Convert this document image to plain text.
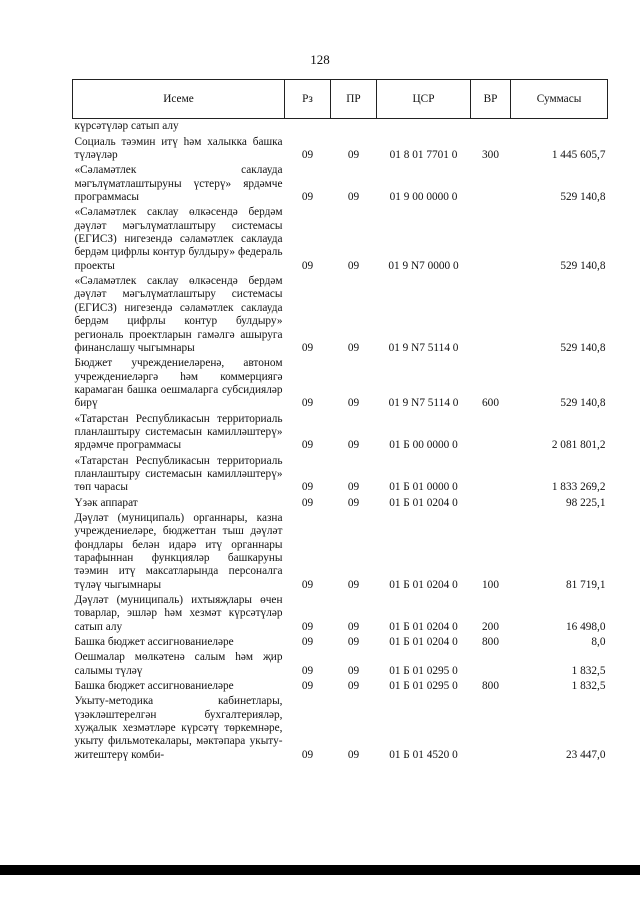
128
Исеме	Рз	ПР	ЦСР	ВР	Суммасы
күрсәтүләр сатып алу					
Социаль тәэмин итү һәм халыкка башка түләүләр	09	09	01 8 01 7701 0	300	1 445 605,7
«Сәламәтлек саклауда мәгълүматлаштыруны үстерү» ярдәмче программасы	09	09	01 9 00 0000 0		529 140,8
«Сәламәтлек саклау өлкәсендә бердәм дәүләт мәгълүматлаштыру системасы (ЕГИСЗ) нигезендә сәламәтлек саклауда бердәм цифрлы контур булдыру» федераль проекты	09	09	01 9 N7 0000 0		529 140,8
«Сәламәтлек саклау өлкәсендә бердәм дәүләт мәгълүматлаштыру системасы (ЕГИСЗ) нигезендә сәламәтлек саклауда бердәм цифрлы контур булдыру» региональ проектларын гамәлгә ашыруга финанслашу чыгымнары	09	09	01 9 N7 5114 0		529 140,8
Бюджет учреждениеләренә, автоном учреждениеләргә һәм коммерциягә карамаган башка оешмаларга субсидияләр бирү	09	09	01 9 N7 5114 0	600	529 140,8
«Татарстан Республикасын территориаль планлаштыру системасын камилләштерү» ярдәмче программасы	09	09	01 Б 00 0000 0		2 081 801,2
«Татарстан Республикасын территориаль планлаштыру системасын камилләштерү» төп чарасы	09	09	01 Б 01 0000 0		1 833 269,2
Үзәк аппарат	09	09	01 Б 01 0204 0		98 225,1
Дәүләт (муниципаль) органнары, казна учреждениеләре, бюджеттан тыш дәүләт фондлары белән идарә итү органнары тарафыннан функцияләр башкаруны тәэмин итү максатларында персоналга түләү чыгымнары	09	09	01 Б 01 0204 0	100	81 719,1
Дәүләт (муниципаль) ихтыяҗлары өчен товарлар, эшләр һәм хезмәт күрсәтүләр сатып алу	09	09	01 Б 01 0204 0	200	16 498,0
Башка бюджет ассигнованиеләре	09	09	01 Б 01 0204 0	800	8,0
Оешмалар мөлкәтенә салым һәм җир салымы түләү	09	09	01 Б 01 0295 0		1 832,5
Башка бюджет ассигнованиеләре	09	09	01 Б 01 0295 0	800	1 832,5
Укыту-методика кабинетлары, үзәкләштерелгән бухгалтерияләр, хуҗалык хезмәтләре күрсәтү төркемнәре, укыту фильмотекалары, мәктәпара укыту-житештерү комби-	09	09	01 Б 01 4520 0		23 447,0
